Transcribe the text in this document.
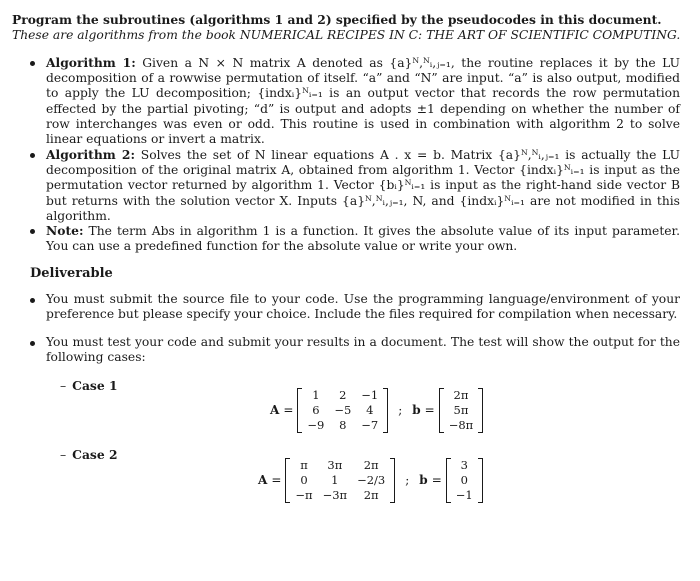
Program the subroutines (algorithms 1 and 2) specified by the pseudocodes in this document. These are algorithms from the book NUMERICAL RECIPES IN C: THE ART OF SCIENTIFIC COMPUTING.
Algorithm 1: Given a N × N matrix A denoted as {a}ᴺ,ᴺᵢ,ⱼ₌₁, the routine replaces it by the LU decomposition of a rowwise permutation of itself. “a” and “N” are input. “a” is also output, modified to apply the LU decomposition; {indxᵢ}ᴺᵢ₌₁ is an output vector that records the row permutation effected by the partial pivoting; “d” is output and adopts ±1 depending on whether the number of row interchanges was even or odd. This routine is used in combination with algorithm 2 to solve linear equations or invert a matrix.
Algorithm 2: Solves the set of N linear equations A . x = b. Matrix {a}ᴺ,ᴺᵢ,ⱼ₌₁ is actually the LU decomposition of the original matrix A, obtained from algorithm 1. Vector {indxᵢ}ᴺᵢ₌₁ is input as the permutation vector returned by algorithm 1. Vector {bᵢ}ᴺᵢ₌₁ is input as the right-hand side vector B but returns with the solution vector X. Inputs {a}ᴺ,ᴺᵢ,ⱼ₌₁, N, and {indxᵢ}ᴺᵢ₌₁ are not modified in this algorithm.
Note: The term Abs in algorithm 1 is a function. It gives the absolute value of its input parameter. You can use a predefined function for the absolute value or write your own.
Deliverable
You must submit the source file to your code. Use the programming language/environment of your preference but please specify your choice. Include the files required for compilation when necessary.
You must test your code and submit your results in a document. The test will show the output for the following cases:
– Case 1
A =
1	2	−1
6	−5	4
−9	8	−7
; b =
2π
5π
−8π
– Case 2
A =
π	3π	2π
0	1	−2/3
−π	−3π	2π
; b =
3
0
−1
